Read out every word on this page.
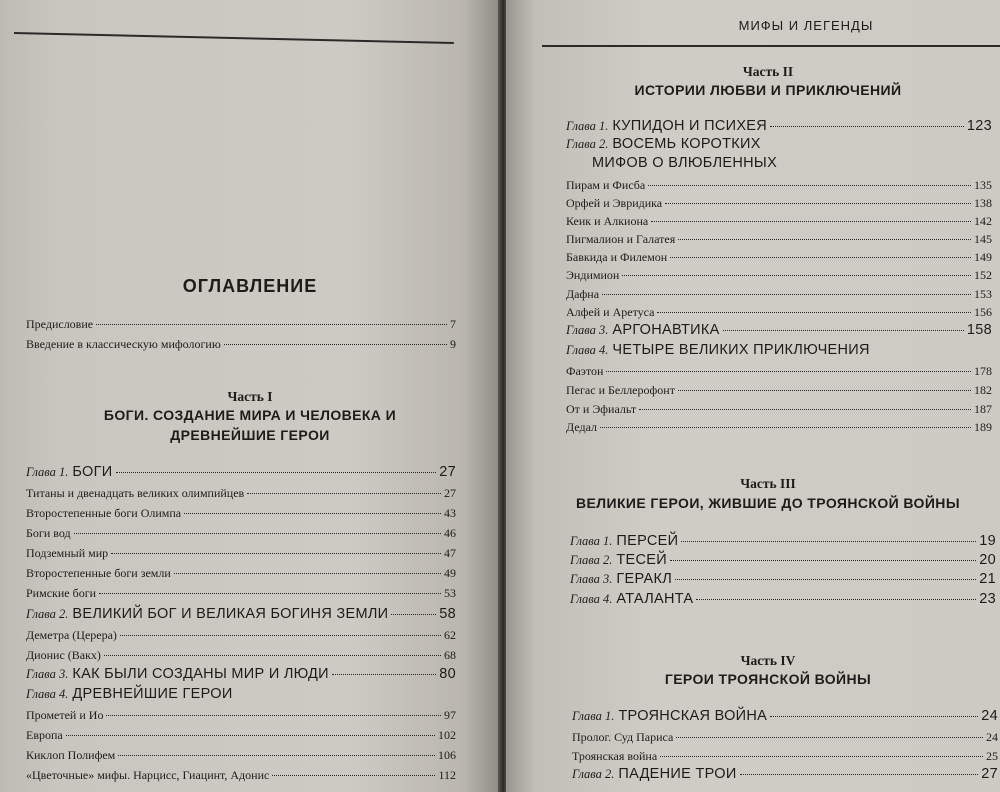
ОГЛАВЛЕНИЕ
Предисловие	7
Введение в классическую мифологию	9
Часть I
БОГИ. СОЗДАНИЕ МИРА И ЧЕЛОВЕКА И
ДРЕВНЕЙШИЕ ГЕРОИ
Глава 1. БОГИ	27
Титаны и двенадцать великих олимпийцев	27
Второстепенные боги Олимпа	43
Боги вод	46
Подземный мир	47
Второстепенные боги земли	49
Римские боги	53
Глава 2. ВЕЛИКИЙ БОГ И ВЕЛИКАЯ БОГИНЯ ЗЕМЛИ	58
Деметра (Церера)	62
Дионис (Вакх)	68
Глава 3. КАК БЫЛИ СОЗДАНЫ МИР И ЛЮДИ	80
Глава 4. ДРЕВНЕЙШИЕ ГЕРОИ
Прометей и Ио	97
Европа	102
Киклоп Полифем	106
«Цветочные» мифы. Нарцисс, Гиацинт, Адонис	112
МИФЫ И ЛЕГЕНДЫ
Часть II
ИСТОРИИ ЛЮБВИ И ПРИКЛЮЧЕНИЙ
Глава 1. КУПИДОН И ПСИХЕЯ	123
Глава 2. ВОСЕМЬ КОРОТКИХ
МИФОВ О ВЛЮБЛЕННЫХ
Пирам и Фисба	135
Орфей и Эвридика	138
Кеик и Алкиона	142
Пигмалион и Галатея	145
Бавкида и Филемон	149
Эндимион	152
Дафна	153
Алфей и Аретуса	156
Глава 3. АРГОНАВТИКА	158
Глава 4. ЧЕТЫРЕ ВЕЛИКИХ ПРИКЛЮЧЕНИЯ
Фаэтон	178
Пегас и Беллерофонт	182
От и Эфиальт	187
Дедал	189
Часть III
ВЕЛИКИЕ ГЕРОИ, ЖИВШИЕ ДО ТРОЯНСКОЙ ВОЙНЫ
Глава 1. ПЕРСЕЙ	19
Глава 2. ТЕСЕЙ	20
Глава 3. ГЕРАКЛ	21
Глава 4. АТАЛАНТА	23
Часть IV
ГЕРОИ ТРОЯНСКОЙ ВОЙНЫ
Глава 1. ТРОЯНСКАЯ ВОЙНА	24
Пролог. Суд Париса	24
Троянская война	25
Глава 2. ПАДЕНИЕ ТРОИ	27
